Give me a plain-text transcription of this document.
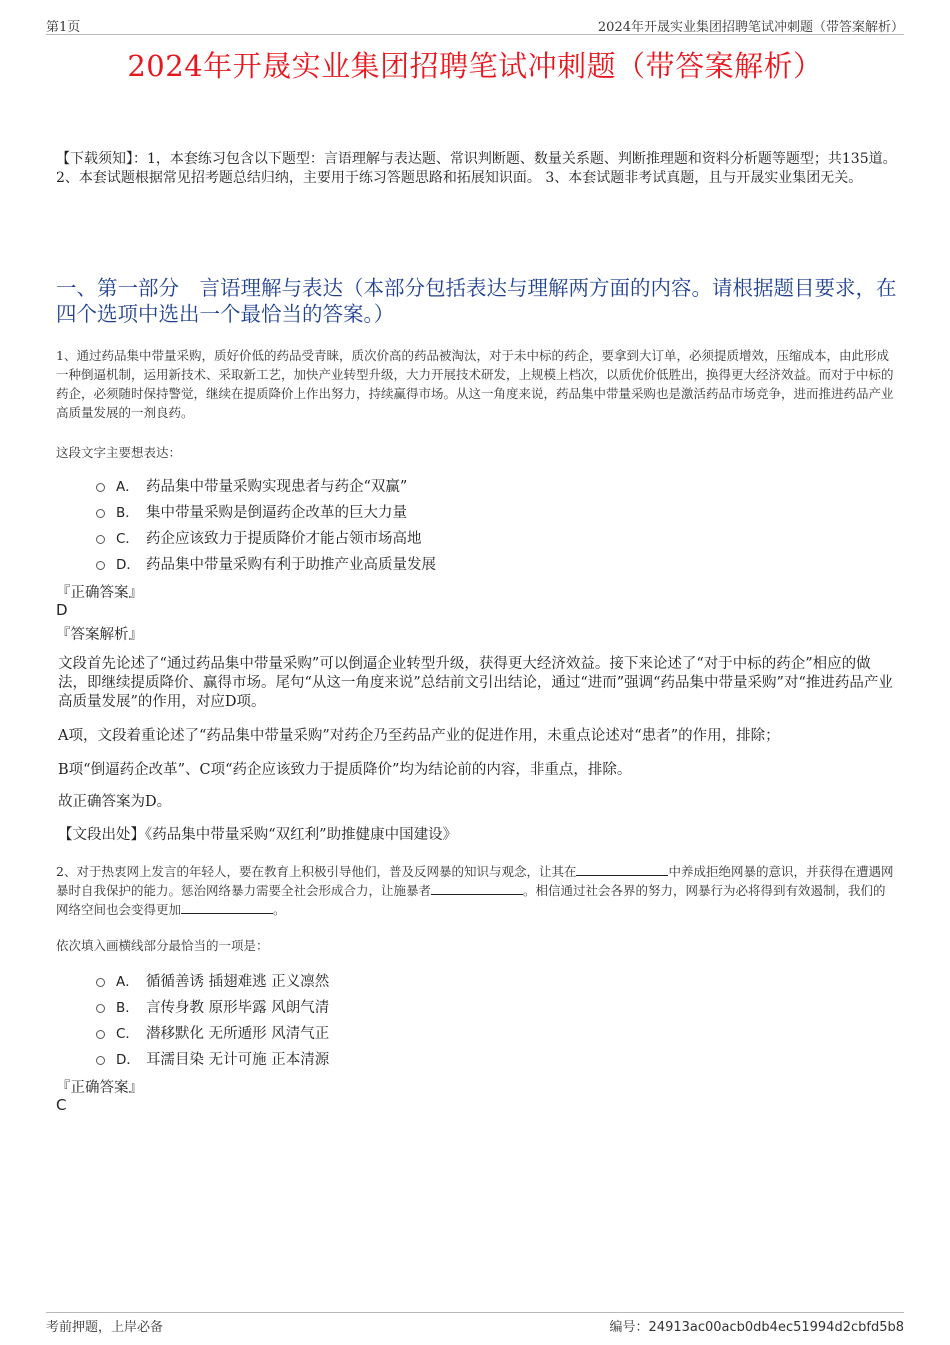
第1页	2024年开晟实业集团招聘笔试冲刺题（带答案解析）
2024年开晟实业集团招聘笔试冲刺题（带答案解析）
【下载须知】：1，本套练习包含以下题型：言语理解与表达题、常识判断题、数量关系题、判断推理题和资料分析题等题型；共135道。 2、本套试题根据常见招考题总结归纳，主要用于练习答题思路和拓展知识面。 3、本套试题非考试真题，且与开晟实业集团无关。
一、第一部分　言语理解与表达（本部分包括表达与理解两方面的内容。请根据题目要求，在四个选项中选出一个最恰当的答案。）
1、通过药品集中带量采购，质好价低的药品受青睐，质次价高的药品被淘汰，对于未中标的药企，要拿到大订单，必须提质增效，压缩成本，由此形成一种倒逼机制，运用新技术、采取新工艺，加快产业转型升级，大力开展技术研发，上规模上档次，以质优价低胜出，换得更大经济效益。而对于中标的药企，必须随时保持警觉，继续在提质降价上作出努力，持续赢得市场。从这一角度来说，药品集中带量采购也是激活药品市场竞争，进而推进药品产业高质量发展的一剂良药。
这段文字主要想表达：
A． 药品集中带量采购实现患者与药企“双赢”
B． 集中带量采购是倒逼药企改革的巨大力量
C． 药企应该致力于提质降价才能占领市场高地
D． 药品集中带量采购有利于助推产业高质量发展
『正确答案』
D
『答案解析』
文段首先论述了“通过药品集中带量采购”可以倒逼企业转型升级，获得更大经济效益。接下来论述了“对于中标的药企”相应的做法，即继续提质降价、赢得市场。尾句“从这一角度来说”总结前文引出结论，通过“进而”强调“药品集中带量采购”对“推进药品产业高质量发展”的作用，对应D项。
A项，文段着重论述了“药品集中带量采购”对药企乃至药品产业的促进作用，未重点论述对“患者”的作用，排除；
B项“倒逼药企改革”、C项“药企应该致力于提质降价”均为结论前的内容，非重点，排除。
故正确答案为D。
【文段出处】《药品集中带量采购“双红利”助推健康中国建设》
2、对于热衷网上发言的年轻人，要在教育上积极引导他们，普及反网暴的知识与观念，让其在	中养成拒绝网暴的意识，并获得在遭遇网暴时自我保护的能力。惩治网络暴力需要全社会形成合力，让施暴者	。相信通过社会各界的努力，网暴行为必将得到有效遏制，我们的网络空间也会变得更加	。
依次填入画横线部分最恰当的一项是：
A． 循循善诱 插翅难逃 正义凛然
B． 言传身教 原形毕露 风朗气清
C． 潜移默化 无所遁形 风清气正
D． 耳濡目染 无计可施 正本清源
『正确答案』
C
考前押题，上岸必备	编号：24913ac00acb0db4ec51994d2cbfd5b8
